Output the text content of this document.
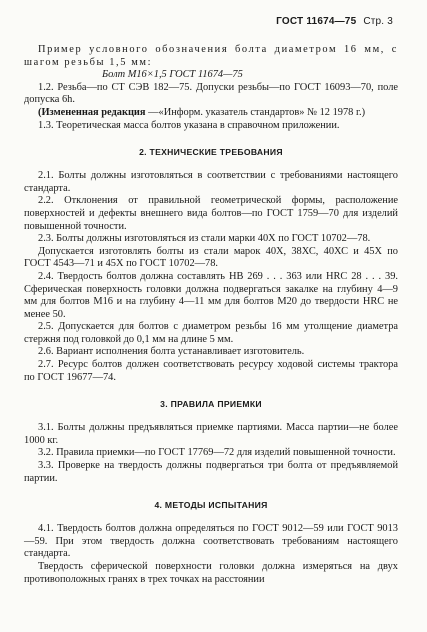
ГОСТ 11674—75 Стр. 3

Пример условного обозначения болта диаметром 16 мм, с шагом резьбы 1,5 мм:

Болт М16×1,5 ГОСТ 11674—75

1.2. Резьба—по СТ СЭВ 182—75. Допуски резьбы—по ГОСТ 16093—70, поле допуска 6h.

(Измененная редакция —«Информ. указатель стандартов» № 12 1978 г.)

1.3. Теоретическая масса болтов указана в справочном приложении.

2. ТЕХНИЧЕСКИЕ ТРЕБОВАНИЯ

2.1. Болты должны изготовляться в соответствии с требованиями настоящего стандарта.

2.2. Отклонения от правильной геометрической формы, расположение поверхностей и дефекты внешнего вида болтов—по ГОСТ 1759—70 для изделий повышенной точности.

2.3. Болты должны изготовляться из стали марки 40Х по ГОСТ 10702—78.

Допускается изготовлять болты из стали марок 40Х, 38ХС, 40ХС и 45Х по ГОСТ 4543—71 и 45Х по ГОСТ 10702—78.

2.4. Твердость болтов должна составлять НВ 269 . . . 363 или HRC 28 . . . 39. Сферическая поверхность головки должна подвергаться закалке на глубину 4—9 мм для болтов М16 и на глубину 4—11 мм для болтов М20 до твердости HRC не менее 50.

2.5. Допускается для болтов с диаметром резьбы 16 мм утолщение диаметра стержня под головкой до 0,1 мм на длине 5 мм.

2.6. Вариант исполнения болта устанавливает изготовитель.

2.7. Ресурс болтов должен соответствовать ресурсу ходовой системы трактора по ГОСТ 19677—74.

3. ПРАВИЛА ПРИЕМКИ

3.1. Болты должны предъявляться приемке партиями. Масса партии—не более 1000 кг.

3.2. Правила приемки—по ГОСТ 17769—72 для изделий повышенной точности.

3.3. Проверке на твердость должны подвергаться три болта от предъявляемой партии.

4. МЕТОДЫ ИСПЫТАНИЯ

4.1. Твердость болтов должна определяться по ГОСТ 9012—59 или ГОСТ 9013—59. При этом твердость должна соответствовать требованиям настоящего стандарта.

Твердость сферической поверхности головки должна измеряться на двух противоположных гранях в трех точках на расстоянии
